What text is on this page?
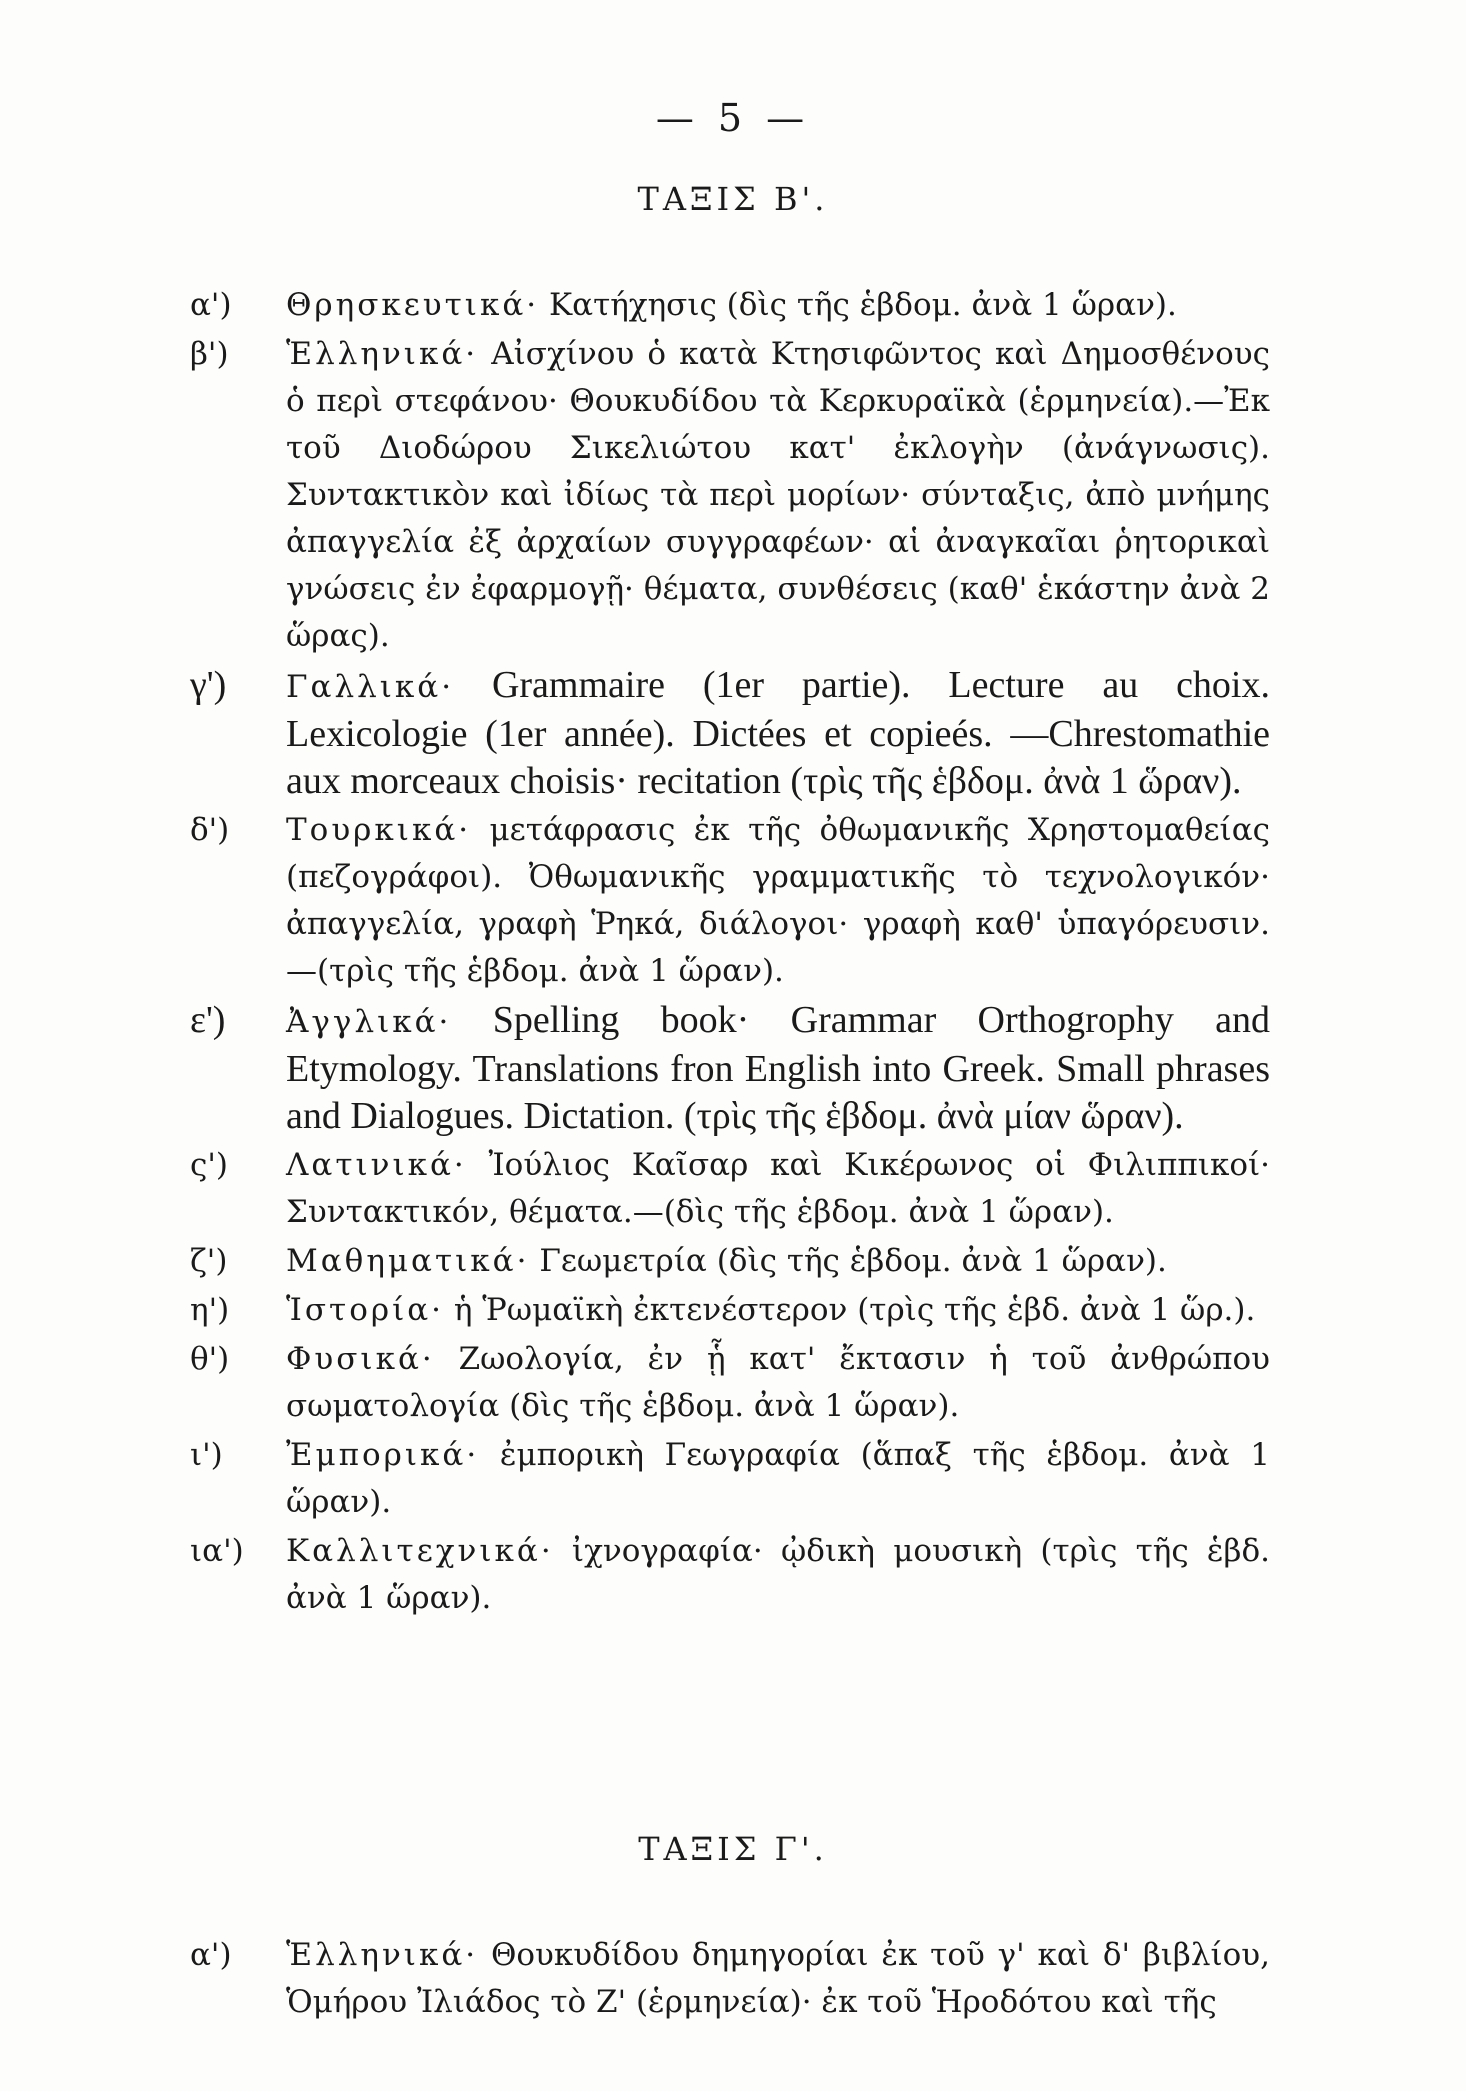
— 5 —
ΤΑΞΙΣ Β'.

α')	Θρησκευτικά· Κατήχησις (δὶς τῆς ἑβδομ. ἀνὰ 1 ὥραν).

β')	Ἑλληνικά· Αἰσχίνου ὁ κατὰ Κτησιφῶντος καὶ Δημοσθένους ὁ περὶ στεφάνου· Θουκυδίδου τὰ Κερκυραϊκὰ (ἑρμηνεία).—Ἐκ τοῦ Διοδώρου Σικελιώτου κατ' ἐκλογὴν (ἀνάγνωσις). Συντακτικὸν καὶ ἰδίως τὰ περὶ μορίων· σύνταξις, ἀπὸ μνήμης ἀπαγγελία ἐξ ἀρχαίων συγγραφέων· αἱ ἀναγκαῖαι ῥητορικαὶ γνώσεις ἐν ἐφαρμογῇ· θέματα, συνθέσεις (καθ' ἑκάστην ἀνὰ 2 ὥρας).

γ')	Γαλλικά· Grammaire (1er partie). Lecture au choix. Lexicologie (1er année). Dictées et copieés. —Chrestomathie aux morceaux choisis· recitation (τρὶς τῆς ἑβδομ. ἀνὰ 1 ὥραν).

δ')	Τουρκικά· μετάφρασις ἐκ τῆς ὀθωμανικῆς Χρηστομαθείας (πεζογράφοι). Ὀθωμανικῆς γραμματικῆς τὸ τεχνολογικόν· ἀπαγγελία, γραφὴ Ῥηκά, διάλογοι· γραφὴ καθ' ὑπαγόρευσιν.—(τρὶς τῆς ἑβδομ. ἀνὰ 1 ὥραν).

ε')	Ἀγγλικά· Spelling book· Grammar Orthogrophy and Etymology. Translations fron English into Greek. Small phrases and Dialogues. Dictation. (τρὶς τῆς ἑβδομ. ἀνὰ μίαν ὥραν).

ς')	Λατινικά· Ἰούλιος Καῖσαρ καὶ Κικέρωνος οἱ Φιλιππικοί· Συντακτικόν, θέματα.—(δὶς τῆς ἑβδομ. ἀνὰ 1 ὥραν).

ζ')	Μαθηματικά· Γεωμετρία (δὶς τῆς ἑβδομ. ἀνὰ 1 ὥραν).

η')	Ἱστορία· ἡ Ῥωμαϊκὴ ἐκτενέστερον (τρὶς τῆς ἑβδ. ἀνὰ 1 ὥρ.).

θ')	Φυσικά· Ζωολογία, ἐν ᾗ κατ' ἔκτασιν ἡ τοῦ ἀνθρώπου σωματολογία (δὶς τῆς ἑβδομ. ἀνὰ 1 ὥραν).

ι')	Ἐμπορικά· ἐμπορικὴ Γεωγραφία (ἅπαξ τῆς ἑβδομ. ἀνὰ 1 ὥραν).

ια')	Καλλιτεχνικά· ἰχνογραφία· ᾠδικὴ μουσικὴ (τρὶς τῆς ἑβδ. ἀνὰ 1 ὥραν).

ΤΑΞΙΣ Γ'.

α')	Ἑλληνικά· Θουκυδίδου δημηγορίαι ἐκ τοῦ γ' καὶ δ' βιβλίου, Ὁμήρου Ἰλιάδος τὸ Ζ' (ἑρμηνεία)· ἐκ τοῦ Ἡροδότου καὶ τῆς
